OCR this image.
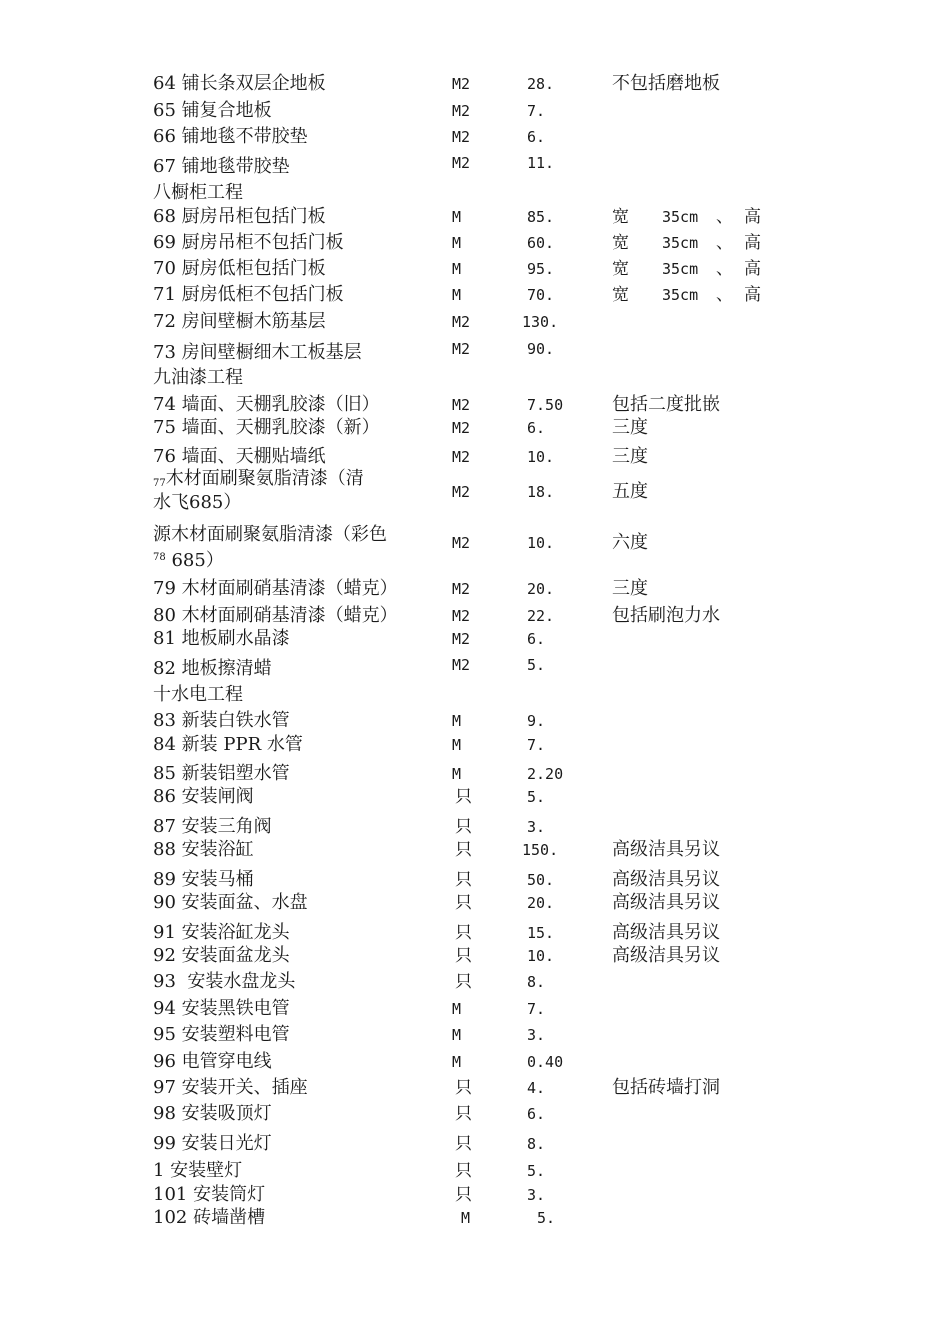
64 铺长条双层企地板	M2	28.	不包括磨地板
65 铺复合地板	M2	7.
66 铺地毯不带胶垫	M2	6.
67 铺地毯带胶垫	M2	11.
八橱柜工程
68 厨房吊柜包括门板	M	85.	宽 35cm 、 高
69 厨房吊柜不包括门板	M	60.	宽 35cm 、 高
70 厨房低柜包括门板	M	95.	宽 35cm 、 高
71 厨房低柜不包括门板	M	70.	宽 35cm 、 高
72 房间壁橱木筋基层	M2	130.
73 房间壁橱细木工板基层	M2	90.
九油漆工程
74 墙面、天棚乳胶漆（旧）	M2	7.50	包括二度批嵌
75 墙面、天棚乳胶漆（新）	M2	6.	三度
76 墙面、天棚贴墙纸	M2	10.	三度
$_{77}$木材面刷聚氨脂清漆（清
水飞685）	M2	18.	五度
源木材面刷聚氨脂清漆（彩色
$^{78}$ 685）
M2	10.	六度
79 木材面刷硝基清漆（蜡克）	M2	20.	三度
80 木材面刷硝基清漆（蜡克）	M2	22.	包括刷泡力水
81 地板刷水晶漆	M2	6.
82 地板擦清蜡	M2	5.
十水电工程
83 新装白铁水管	M	9.
84 新装 PPR 水管	M	7.
85 新装铝塑水管	M	2.20
86 安装闸阀	只	5.
87 安装三角阀	只	3.
88 安装浴缸	只	150.	高级洁具另议
89 安装马桶	只	50.	高级洁具另议
90 安装面盆、水盘	只	20.	高级洁具另议
91 安装浴缸龙头	只	15.	高级洁具另议
92 安装面盆龙头	只	10.	高级洁具另议
93  安装水盘龙头	只	8.
94 安装黑铁电管	M	7.
95 安装塑料电管	M	3.
96 电管穿电线	M	0.40
97 安装开关、插座	只	4.	包括砖墙打洞
98 安装吸顶灯	只	6.
99 安装日光灯	只	8.
1 安装壁灯	只	5.
101 安装筒灯	只	3.
102 砖墙凿槽	M	5.
